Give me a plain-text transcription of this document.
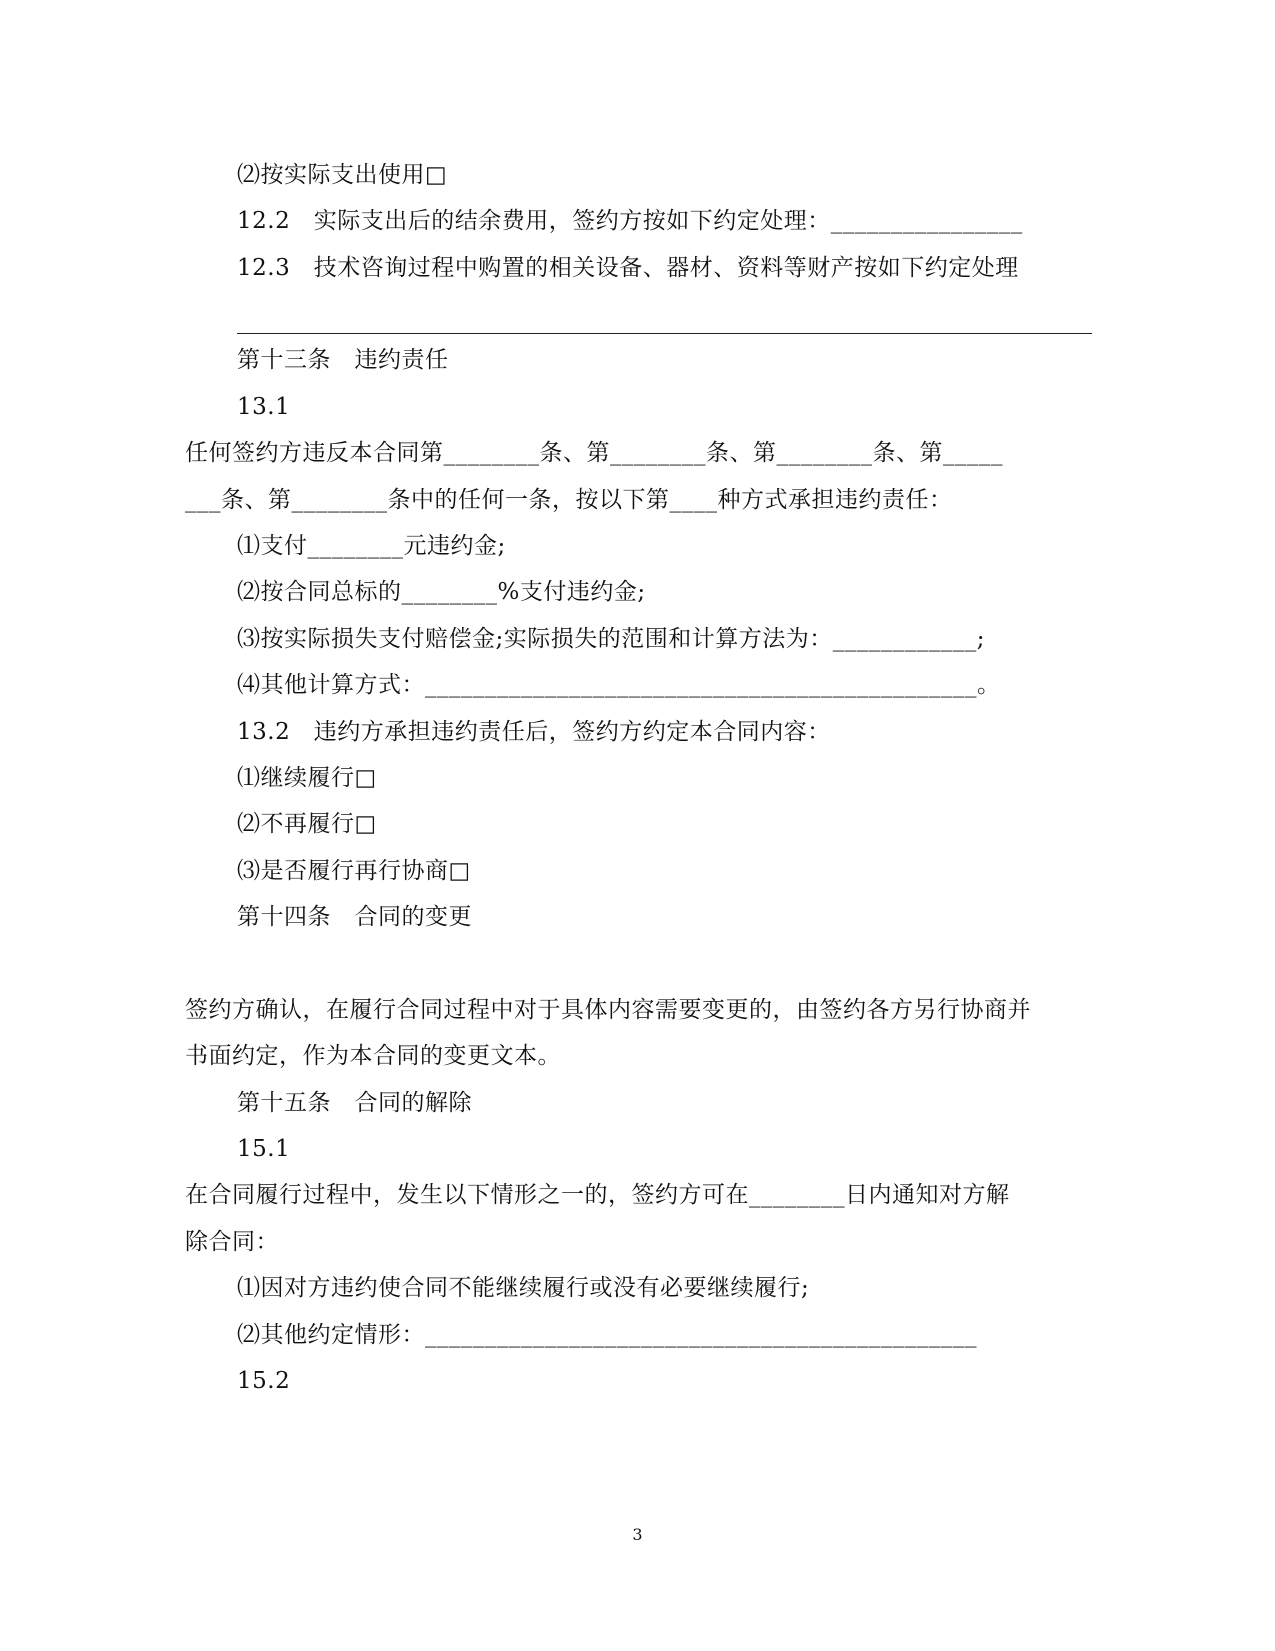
⑵按实际支出使用□
12.2　实际支出后的结余费用，签约方按如下约定处理：________________
12.3　技术咨询过程中购置的相关设备、器材、资料等财产按如下约定处理
第十三条　违约责任
13.1
任何签约方违反本合同第________条、第________条、第________条、第_____
___条、第________条中的任何一条，按以下第____种方式承担违约责任：
⑴支付________元违约金;
⑵按合同总标的________%支付违约金;
⑶按实际损失支付赔偿金;实际损失的范围和计算方法为：____________;
⑷其他计算方式：______________________________________________。
13.2　违约方承担违约责任后，签约方约定本合同内容：
⑴继续履行□
⑵不再履行□
⑶是否履行再行协商□
第十四条　合同的变更
签约方确认，在履行合同过程中对于具体内容需要变更的，由签约各方另行协商并
书面约定，作为本合同的变更文本。
第十五条　合同的解除
15.1
在合同履行过程中，发生以下情形之一的，签约方可在________日内通知对方解
除合同：
⑴因对方违约使合同不能继续履行或没有必要继续履行;
⑵其他约定情形：______________________________________________
15.2
3
